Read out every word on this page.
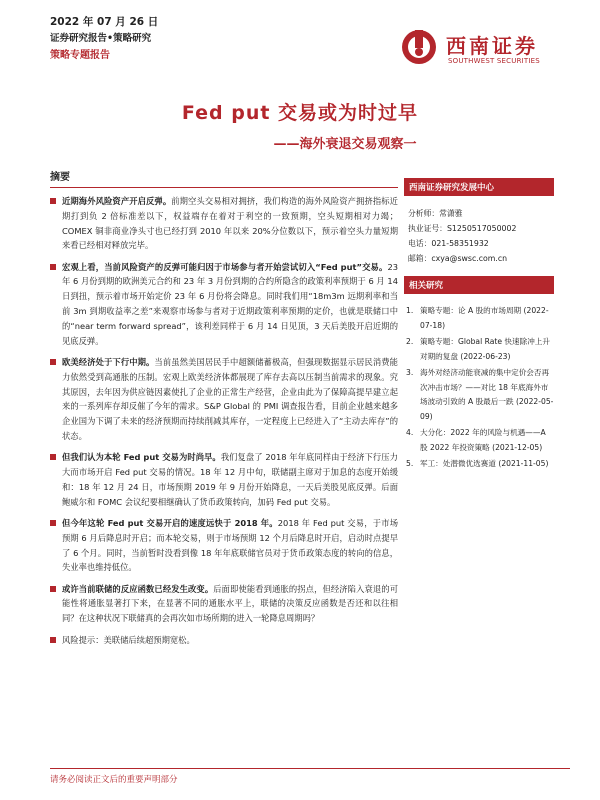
2022 年 07 月 26 日
证券研究报告•策略研究
策略专题报告	西南证券
SOUTHWEST SECURITIES
Fed put 交易或为时过早
——海外衰退交易观察一
摘要
近期海外风险资产开启反弹。前期空头交易相对拥挤，我们构造的海外风险资产拥挤指标近期打到负 2 倍标准差以下，权益端存在着对于利空的一致预期，空头短期相对力竭；COMEX 铜非商业净头寸也已经打到 2010 年以来 20%分位数以下，预示着空头力量短期来看已经相对释放完毕。
宏观上看，当前风险资产的反弹可能归因于市场参与者开始尝试切入“Fed put”交易。23 年 6 月份到期的欧洲美元合约和 23 年 3 月份到期的合约所隐含的政策利率预期于 6 月 14 日到扭，预示着市场开始定价 23 年 6 月份将会降息。同时我们用“18m3m 远期利率和当前 3m 到期收益率之差”来观察市场参与者对于近期政策利率预期的定价，也就是联储口中的“near term forward spread”，该利差同样于 6 月 14 日见顶，3 天后美股开启近期的见底反弹。
欧美经济处于下行中期。当前虽然美国居民手中超额储蓄极高，但强现数据显示居民消费能力依然受到高通胀的压制。宏观上欧美经济体都展现了库存去高以压制当前需求的现象。究其原因，去年因为供应链因素使扎了企业的正常生产经营，企业由此为了保障高提早建立起来的一系列库存却反催了今年的需求。S&P Global 的 PMI 调查报告看，目前企业越来越多企业国为下调了未来的经济预期而持续削减其库存，一定程度上已经进入了“主动去库存”的状态。
但我们认为本轮 Fed put 交易为时尚早。我们复盘了 2018 年年底同样由于经济下行压力大而市场开启 Fed put 交易的情况。18 年 12 月中旬，联储副主席对于加息的态度开始缓和：18 年 12 月 24 日，市场预期 2019 年 9 月份开始降息，一天后美股见底反弹。后面鲍威尔和 FOMC 会议纪要相继确认了货币政策转向，加码 Fed put 交易。
但今年这轮 Fed put 交易开启的速度远快于 2018 年。2018 年 Fed put 交易，于市场预期 6 月后降息时开启；而本轮交易，则于市场预期 12 个月后降息时开启，启动时点提早了 6 个月。同时，当前暂时没看到像 18 年年底联储官员对于货币政策态度的转向的信息，失业率也维持低位。
或许当前联储的反应函数已经发生改变。后面即使能看到通胀的拐点，但经济陷入衰退的可能性将通胀显著打下来，在显著不同的通胀水平上，联储的决策反应函数是否还和以往相同？在这种状况下联储真的会再次如市场所期的进入一轮降息周期吗？
风险提示：美联储后续超预期宽松。
西南证券研究发展中心
分析师：常潇雅
执业证号：S1250517050002
电话：021-58351932
邮箱：cxya@swsc.com.cn
相关研究
1. 策略专题：论 A 股的市场周期 (2022-07-18)
2. 策略专题：Global Rate 快速除冲上升对期的复盘 (2022-06-23)
3. 海外对经济动能衰减的集中定价会否再次冲击市场？——对比 18 年底海外市场波动引致的 A 股最后一跌 (2022-05-09)
4. 大分化：2022 年的风险与机遇——A 股 2022 年投资策略 (2021-12-05)
5. 军工：处潜微优选赛道 (2021-11-05)
请务必阅读正文后的重要声明部分
